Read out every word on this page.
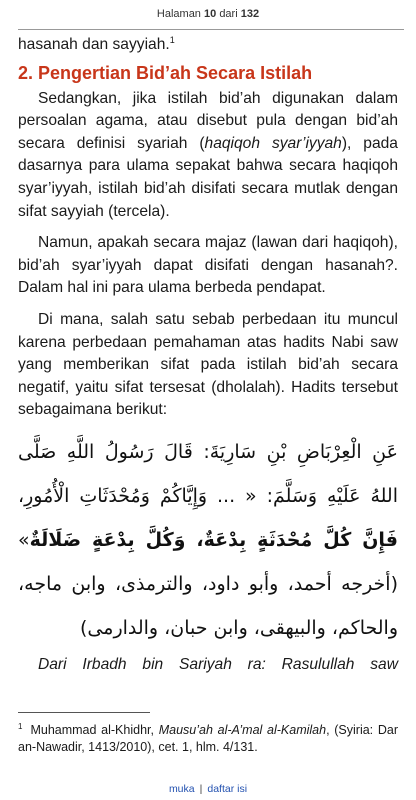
Halaman 10 dari 132

hasanah dan sayyiah.$^1$

2. Pengertian Bid’ah Secara Istilah

Sedangkan, jika istilah bid’ah digunakan dalam persoalan agama, atau disebut pula dengan bid’ah secara definisi syariah (haqiqoh syar’iyyah), pada dasarnya para ulama sepakat bahwa secara haqiqoh syar’iyyah, istilah bid’ah disifati secara mutlak dengan sifat sayyiah (tercela).

Namun, apakah secara majaz (lawan dari haqiqoh), bid’ah syar’iyyah dapat disifati dengan hasanah?. Dalam hal ini para ulama berbeda pendapat.

Di mana, salah satu sebab perbedaan itu muncul karena perbedaan pemahaman atas hadits Nabi saw yang memberikan sifat pada istilah bid’ah secara negatif, yaitu sifat tersesat (dholalah). Hadits tersebut sebagaimana berikut:

عَنِ الْعِرْبَاضِ بْنِ سَارِيَةَ: قَالَ رَسُولُ اللَّهِ صَلَّى اللهُ عَلَيْهِ وَسَلَّمَ: « ... وَإِيَّاكُمْ وَمُحْدَثَاتِ الْأُمُورِ، فَإِنَّ كُلَّ مُحْدَثَةٍ بِدْعَةٌ، وَكُلَّ بِدْعَةٍ ضَلَالَةٌ» (أخرجه أحمد، وأبو داود، والترمذى، وابن ماجه، والحاكم، والبيهقى، وابن حبان، والدارمى)

Dari Irbadh bin Sariyah ra: Rasulullah saw

$^1$ Muhammad al-Khidhr, Mausu’ah al-A’mal al-Kamilah, (Syiria: Dar an-Nawadir, 1413/2010), cet. 1, hlm. 4/131.
muka | daftar isi
